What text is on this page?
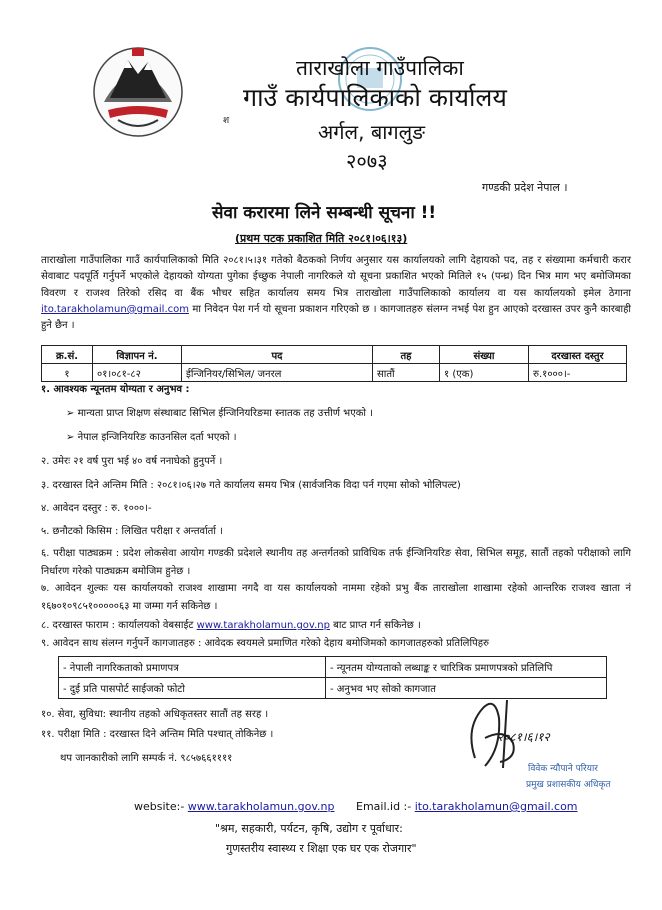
ताराखोला गाउँपालिका
गाउँ कार्यपालिकाको कार्यालय
श	अर्गल, बागलुङ
२०७३
गण्डकी प्रदेश नेपाल ।
सेवा करारमा लिने सम्बन्धी सूचना !!
(प्रथम पटक प्रकाशित मिति २०८१।०६।१३)
ताराखोला गाउँपालिका गाउँ कार्यपालिकाको मिति २०८१।५।३१ गतेको बैठकको निर्णय अनुसार यस कार्यालयको लागि देहायको पद, तह र संख्यामा कर्मचारी करार सेवाबाट पदपूर्ति गर्नुपर्ने भएकोले देहायको योग्यता पुगेका ईच्छुक नेपाली नागरिकले यो सूचना प्रकाशित भएको मितिले १५ (पन्ध्र) दिन भित्र माग भए बमोजिमका विवरण र राजश्व तिरेको रसिद वा बैंक भौचर सहित कार्यालय समय भित्र ताराखोला गाउँपालिकाको कार्यालय वा यस कार्यालयको इमेल ठेगाना ito.tarakholamun@gmail.com मा निवेदन पेश गर्न यो सूचना प्रकाशन गरिएको छ । कागजातहरु संलग्न नभई पेश हुन आएको दरखास्त उपर कुनै कारबाही हुने छैन ।
क्र.सं.	विज्ञापन नं.	पद	तह	संख्या	दरखास्त दस्तुर
१	०१।०८१-८२	ईन्जिनियर/सिभिल/ जनरल	सातौं	१ (एक)	रु.१०००।-
१. आवश्यक न्यूनतम योग्यता र अनुभव :
➢ मान्यता प्राप्त शिक्षण संस्थाबाट सिभिल ईन्जिनियरिङमा स्नातक तह उत्तीर्ण भएको ।
➢ नेपाल इन्जिनियरिङ काउनसिल दर्ता भएको ।
२. उमेरः २१ वर्ष पुरा भई ४० वर्ष ननाघेको हुनुपर्ने ।
३. दरखास्त दिने अन्तिम मिति : २०८१।०६।२७ गते कार्यालय समय भित्र (सार्वजनिक विदा पर्न गएमा सोको भोलिपल्ट)
४. आवेदन दस्तुर : रु. १०००।-
५. छनौटको किसिम : लिखित परीक्षा र अन्तर्वार्ता ।
६. परीक्षा पाठ्यक्रम : प्रदेश लोकसेवा आयोग गण्डकी प्रदेशले स्थानीय तह अन्तर्गतको प्राविधिक तर्फ ईन्जिनियरिङ सेवा, सिभिल समूह, सातौं तहको परीक्षाको लागि निर्धारण गरेको पाठ्यक्रम बमोजिम हुनेछ ।
७. आवेदन शुल्कः यस कार्यालयको राजश्व शाखामा नगदै वा यस कार्यालयको नाममा रहेको प्रभु बैंक ताराखोला शाखामा रहेको आन्तरिक राजश्व खाता नं १६७०१०९८५१०००००६३ मा जम्मा गर्न सकिनेछ ।
८. दरखास्त फाराम : कार्यालयको वेबसाईट www.tarakholamun.gov.np बाट प्राप्त गर्न सकिनेछ ।
९. आवेदन साथ संलग्न गर्नुपर्ने कागजातहरु : आवेदक स्वयमले प्रमाणित गरेको देहाय बमोजिमको कागजातहरुको प्रतिलिपिहरु
- नेपाली नागरिकताको प्रमाणपत्र	- न्यूनतम योग्यताको लब्धाङ्क र चारित्रिक प्रमाणपत्रको प्रतिलिपि
- दुई प्रति पासपोर्ट साईजको फोटो	- अनुभव भए सोको कागजात
१०. सेवा, सुविधा: स्थानीय तहको अधिकृतस्तर सातौं तह सरह ।
११. परीक्षा मिति : दरखास्त दिने अन्तिम मिति पश्चात् तोकिनेछ ।
थप जानकारीको लागि सम्पर्क नं. ९८५७६६११११
२०८१।६।१२
विवेक न्यौपाने परियार
प्रमुख प्रशासकीय अधिकृत
website:- www.tarakholamun.gov.np Email.id :- ito.tarakholamun@gmail.com
"श्रम, सहकारी, पर्यटन, कृषि, उद्योग र पूर्वाधार:
गुणस्तरीय स्वास्थ्य र शिक्षा एक घर एक रोजगार"
